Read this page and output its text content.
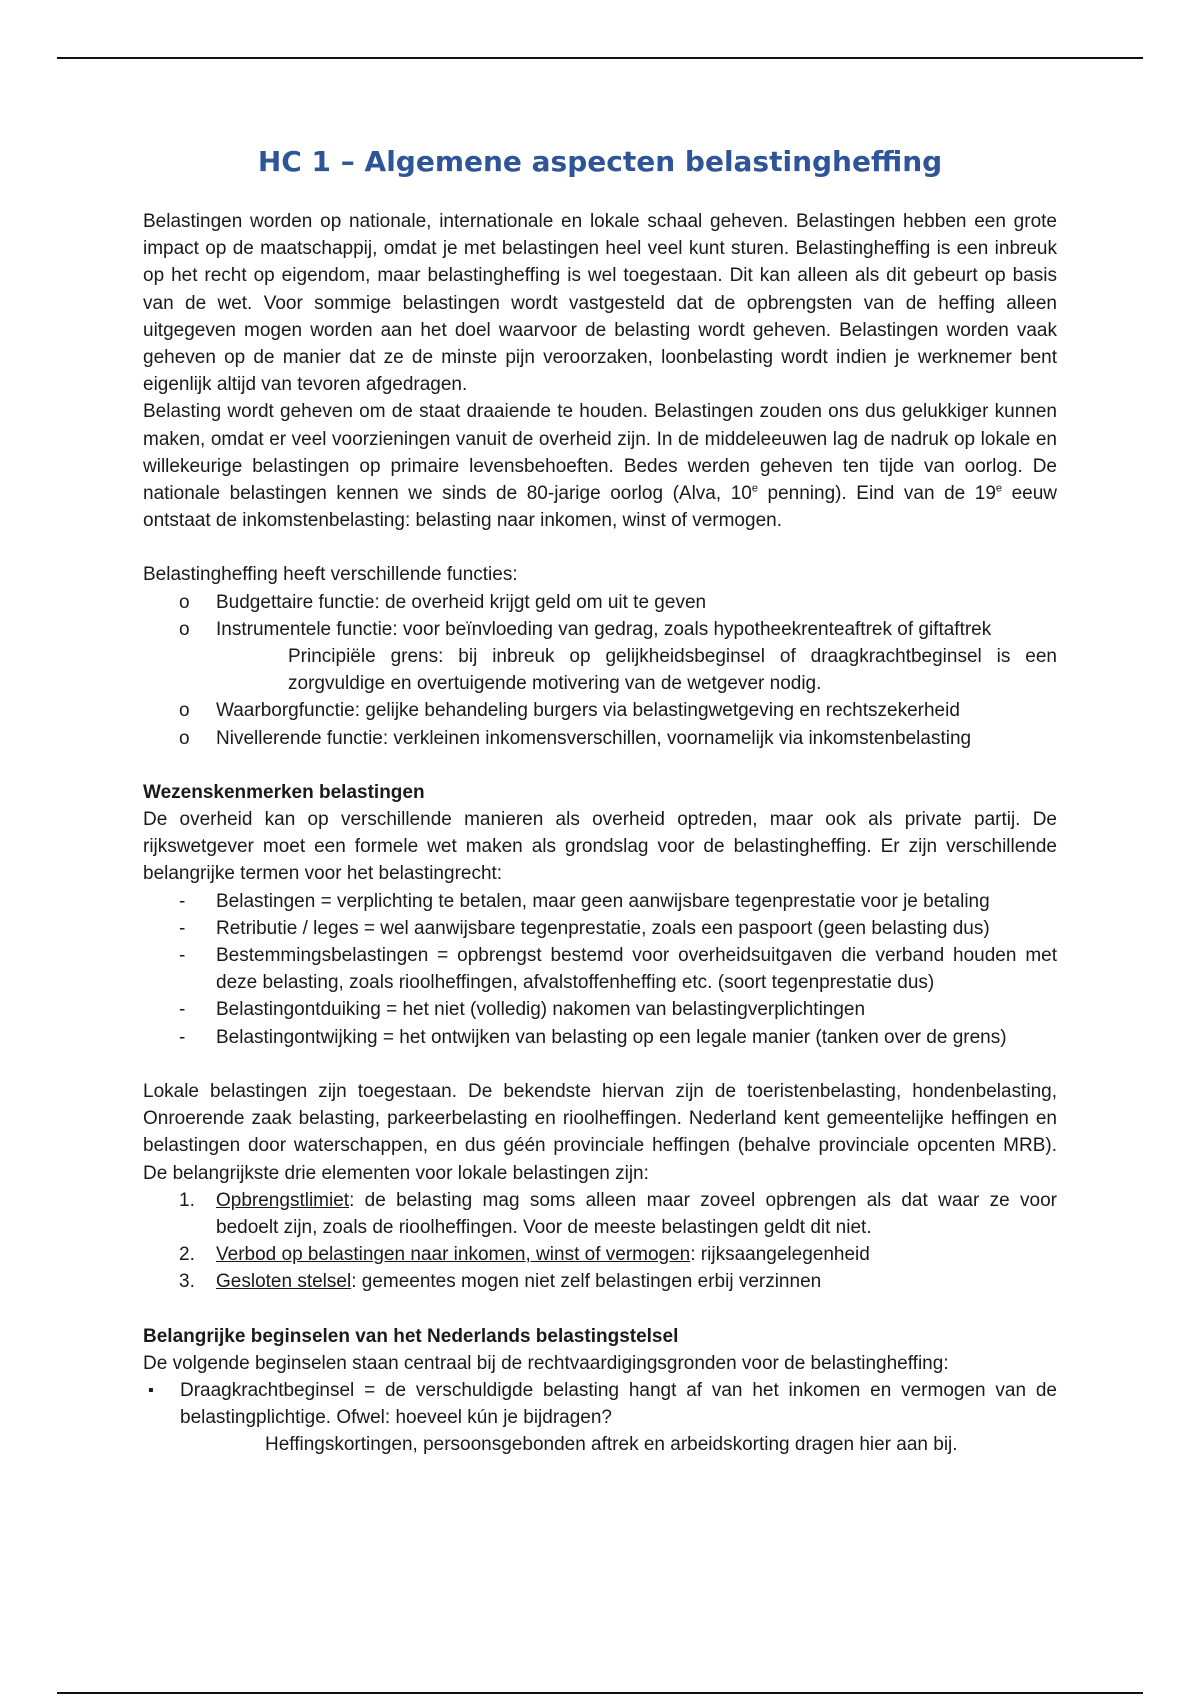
HC 1 – Algemene aspecten belastingheffing

Belastingen worden op nationale, internationale en lokale schaal geheven. Belastingen hebben een grote impact op de maatschappij, omdat je met belastingen heel veel kunt sturen. Belastingheffing is een inbreuk op het recht op eigendom, maar belastingheffing is wel toegestaan. Dit kan alleen als dit gebeurt op basis van de wet. Voor sommige belastingen wordt vastgesteld dat de opbrengsten van de heffing alleen uitgegeven mogen worden aan het doel waarvoor de belasting wordt geheven. Belastingen worden vaak geheven op de manier dat ze de minste pijn veroorzaken, loonbelasting wordt indien je werknemer bent eigenlijk altijd van tevoren afgedragen.

Belasting wordt geheven om de staat draaiende te houden. Belastingen zouden ons dus gelukkiger kunnen maken, omdat er veel voorzieningen vanuit de overheid zijn. In de middeleeuwen lag de nadruk op lokale en willekeurige belastingen op primaire levensbehoeften. Bedes werden geheven ten tijde van oorlog. De nationale belastingen kennen we sinds de 80-jarige oorlog (Alva, 10e penning). Eind van de 19e eeuw ontstaat de inkomstenbelasting: belasting naar inkomen, winst of vermogen.

Belastingheffing heeft verschillende functies:

o	Budgettaire functie: de overheid krijgt geld om uit te geven
o	Instrumentele functie: voor beïnvloeding van gedrag, zoals hypotheekrenteaftrek of giftaftrek
Principiële grens: bij inbreuk op gelijkheidsbeginsel of draagkrachtbeginsel is een zorgvuldige en overtuigende motivering van de wetgever nodig.
o	Waarborgfunctie: gelijke behandeling burgers via belastingwetgeving en rechtszekerheid
o	Nivellerende functie: verkleinen inkomensverschillen, voornamelijk via inkomstenbelasting

Wezenskenmerken belastingen

De overheid kan op verschillende manieren als overheid optreden, maar ook als private partij. De rijkswetgever moet een formele wet maken als grondslag voor de belastingheffing. Er zijn verschillende belangrijke termen voor het belastingrecht:

-	Belastingen = verplichting te betalen, maar geen aanwijsbare tegenprestatie voor je betaling
-	Retributie / leges = wel aanwijsbare tegenprestatie, zoals een paspoort (geen belasting dus)
-	Bestemmingsbelastingen = opbrengst bestemd voor overheidsuitgaven die verband houden met deze belasting, zoals rioolheffingen, afvalstoffenheffing etc. (soort tegenprestatie dus)
-	Belastingontduiking = het niet (volledig) nakomen van belastingverplichtingen
-	Belastingontwijking = het ontwijken van belasting op een legale manier (tanken over de grens)

Lokale belastingen zijn toegestaan. De bekendste hiervan zijn de toeristenbelasting, hondenbelasting, Onroerende zaak belasting, parkeerbelasting en rioolheffingen. Nederland kent gemeentelijke heffingen en belastingen door waterschappen, en dus géén provinciale heffingen (behalve provinciale opcenten MRB). De belangrijkste drie elementen voor lokale belastingen zijn:

1. Opbrengstlimiet: de belasting mag soms alleen maar zoveel opbrengen als dat waar ze voor bedoelt zijn, zoals de rioolheffingen. Voor de meeste belastingen geldt dit niet.
2. Verbod op belastingen naar inkomen, winst of vermogen: rijksaangelegenheid
3. Gesloten stelsel: gemeentes mogen niet zelf belastingen erbij verzinnen

Belangrijke beginselen van het Nederlands belastingstelsel

De volgende beginselen staan centraal bij de rechtvaardigingsgronden voor de belastingheffing:

▪ Draagkrachtbeginsel = de verschuldigde belasting hangt af van het inkomen en vermogen van de belastingplichtige. Ofwel: hoeveel kún je bijdragen?
Heffingskortingen, persoonsgebonden aftrek en arbeidskorting dragen hier aan bij.
